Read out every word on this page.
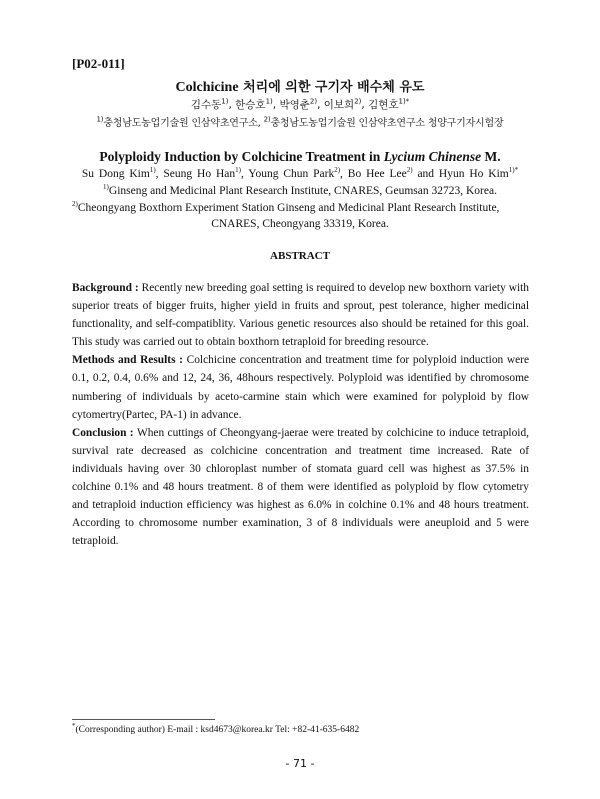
[P02-011]
Colchicine 처리에 의한 구기자 배수체 유도
김수동$^{1)}$, 한승호$^{1)}$, 박영춘$^{2)}$, 이보희$^{2)}$, 김현호$^{1)*}$
$^{1)}$충청남도농업기술원 인삼약초연구소, $^{2)}$충청남도농업기술원 인삼약초연구소 청양구기자시험장
Polyploidy Induction by Colchicine Treatment in Lycium Chinense M.
Su Dong Kim$^{1)}$, Seung Ho Han$^{1)}$, Young Chun Park$^{2)}$, Bo Hee Lee$^{2)}$ and Hyun Ho Kim$^{1)*}$
$^{1)}$Ginseng and Medicinal Plant Research Institute, CNARES, Geumsan 32723, Korea.
$^{2)}$Cheongyang Boxthorn Experiment Station Ginseng and Medicinal Plant Research Institute,
CNARES, Cheongyang 33319, Korea.
ABSTRACT

Background : Recently new breeding goal setting is required to develop new boxthorn variety with superior treats of bigger fruits, higher yield in fruits and sprout, pest tolerance, higher medicinal functionality, and self-compatiblity. Various genetic resources also should be retained for this goal. This study was carried out to obtain boxthorn tetraploid for breeding resource.

Methods and Results : Colchicine concentration and treatment time for polyploid induction were 0.1, 0.2, 0.4, 0.6% and 12, 24, 36, 48hours respectively. Polyploid was identified by chromosome numbering of individuals by aceto-carmine stain which were examined for polyploid by flow cytomertry(Partec, PA-1) in advance.

Conclusion : When cuttings of Cheongyang-jaerae were treated by colchicine to induce tetraploid, survival rate decreased as colchicine concentration and treatment time increased. Rate of individuals having over 30 chloroplast number of stomata guard cell was highest as 37.5% in colchine 0.1% and 48 hours treatment. 8 of them were identified as polyploid by flow cytometry and tetraploid induction efficiency was highest as 6.0% in colchine 0.1% and 48 hours treatment. According to chromosome number examination, 3 of 8 individuals were aneuploid and 5 were tetraploid.

*(Corresponding author) E-mail : ksd4673@korea.kr Tel: +82-41-635-6482
- 71 -
